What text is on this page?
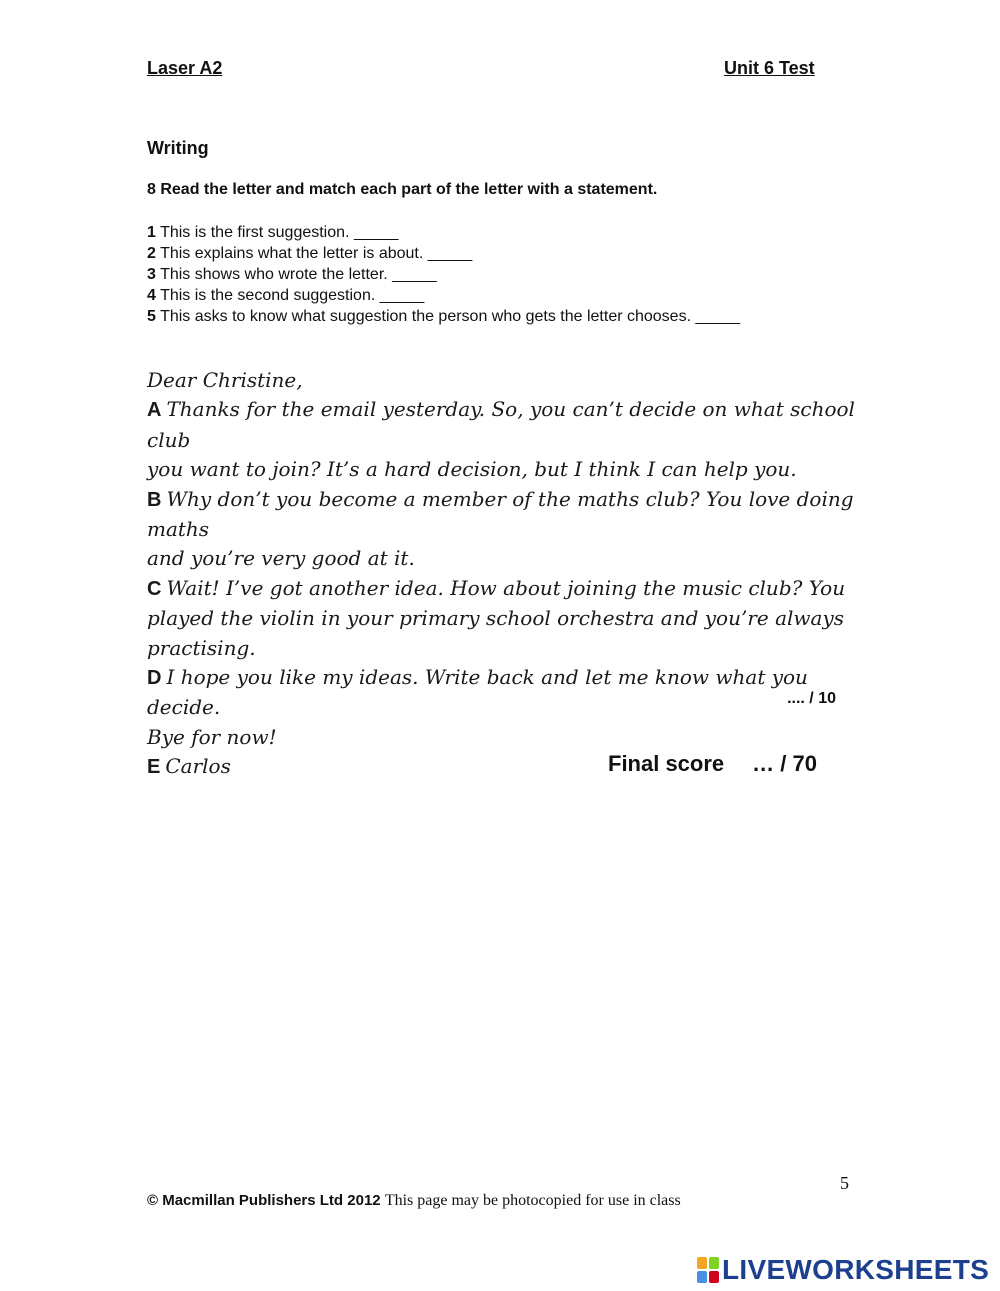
Laser A2	Unit 6 Test
Writing
8 Read the letter and match each part of the letter with a statement.
1 This is the first suggestion. _____
2 This explains what the letter is about. _____
3 This shows who wrote the letter. _____
4 This is the second suggestion. _____
5 This asks to know what suggestion the person who gets the letter chooses. _____
Dear Christine,
A Thanks for the email yesterday. So, you can’t decide on what school club
you want to join? It’s a hard decision, but I think I can help you.
B Why don’t you become a member of the maths club? You love doing maths
and you’re very good at it.
C Wait! I’ve got another idea. How about joining the music club? You
played the violin in your primary school orchestra and you’re always
practising.
D I hope you like my ideas. Write back and let me know what you decide.
Bye for now!
E Carlos
.... / 10
Final score … / 70
5
© Macmillan Publishers Ltd 2012 This page may be photocopied for use in class
LIVEWORKSHEETS
